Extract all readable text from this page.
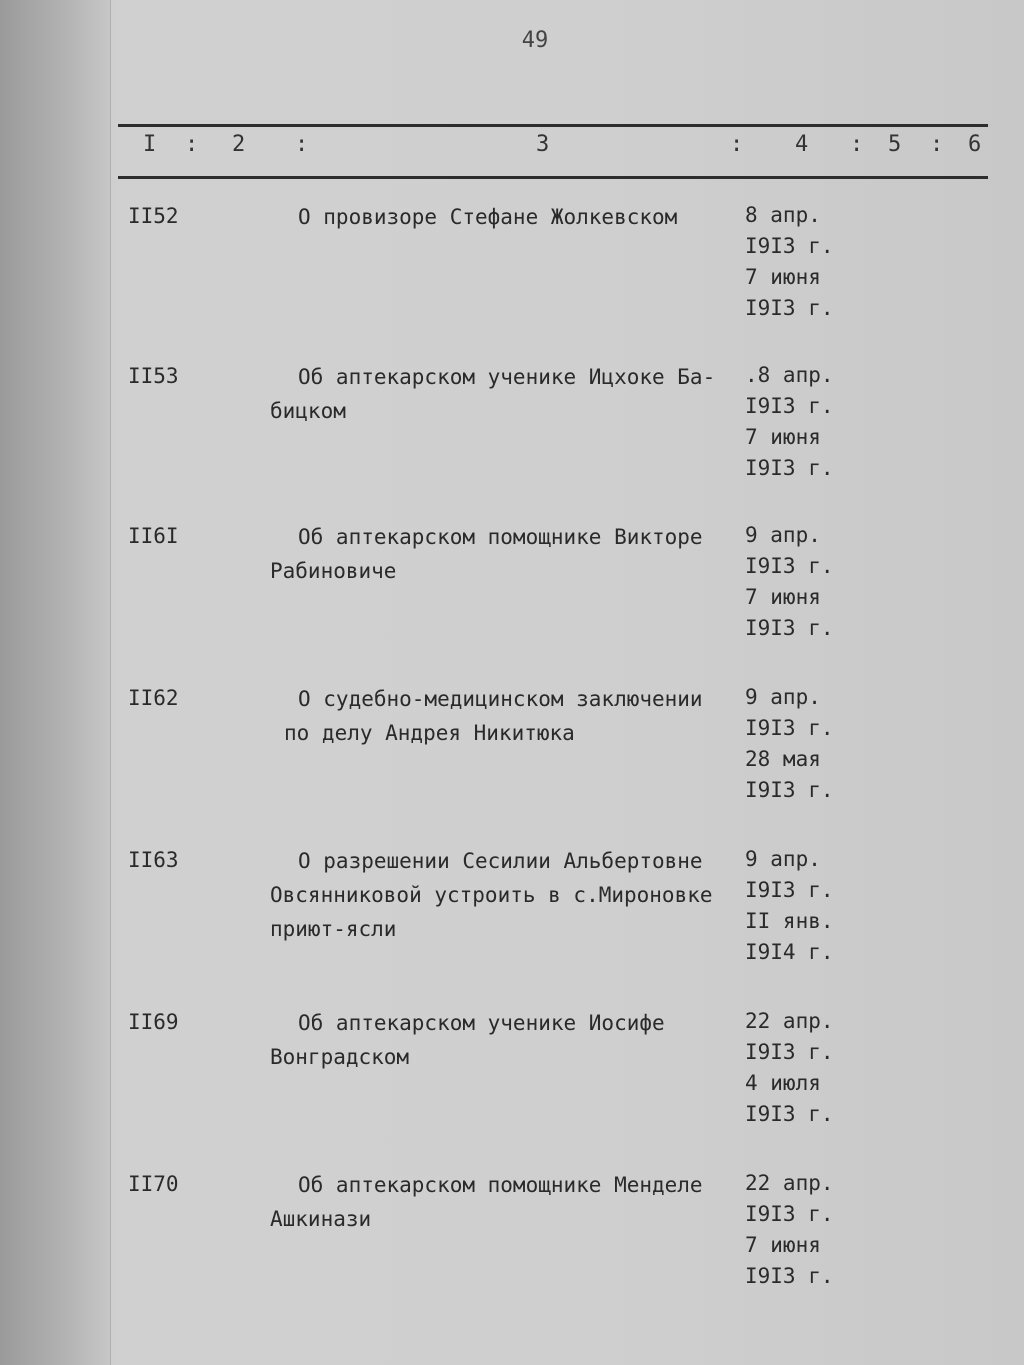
49
I : 2 :	3	: 4 : 5 : 6
II52	О провизоре Стефане Жолкевском	8 апр.
I9I3 г.
7 июня
I9I3 г.
II53	Об аптекарском ученике Ицхоке Ба-
бицком
.8 апр.
I9I3 г.
7 июня
I9I3 г.
II6I	Об аптекарском помощнике Викторе
Рабиновиче
9 апр.
I9I3 г.
7 июня
I9I3 г.
II62	О судебно-медицинском заключении
по делу Андрея Никитюка
9 апр.
I9I3 г.
28 мая
I9I3 г.
II63	О разрешении Сесилии Альбертовне
Овсянниковой устроить в с.Мироновке
приют-ясли
9 апр.
I9I3 г.
II янв.
I9I4 г.
II69	Об аптекарском ученике Иосифе
Вонградском
22 апр.
I9I3 г.
4 июля
I9I3 г.
II70	Об аптекарском помощнике Менделе
Ашкинази
22 апр.
I9I3 г.
7 июня
I9I3 г.
